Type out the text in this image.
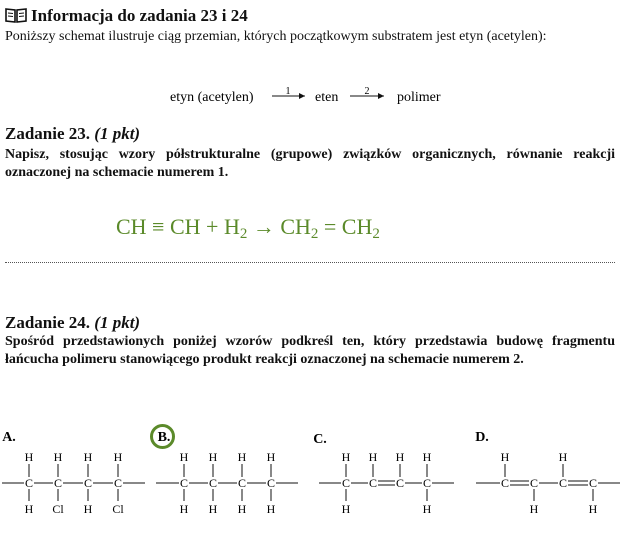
Informacja do zadania 23 i 24
Poniższy schemat ilustruje ciąg przemian, których początkowym substratem jest etyn (acetylen):
etyn (acetylen)	1 eten	2 polimer
Zadanie 23. (1 pkt)
Napisz, stosując wzory półstrukturalne (grupowe) związków organicznych, równanie reakcji oznaczonej na schemacie numerem 1.
CH ≡ CH + $H_2 \to CH_2 = CH_2$
Zadanie 24. (1 pkt)
Spośród przedstawionych poniżej wzorów podkreśl ten, który przedstawia budowę fragmentu łańcucha polimeru stanowiącego produkt reakcji oznaczonej na schemacie numerem 2.
A.
C C C C
H H H H
H Cl H Cl
B.
C C C C
H H H H
H H H H
C.
C C C C
H H H H
H	H
D.
C C C C
H	H
H	H
